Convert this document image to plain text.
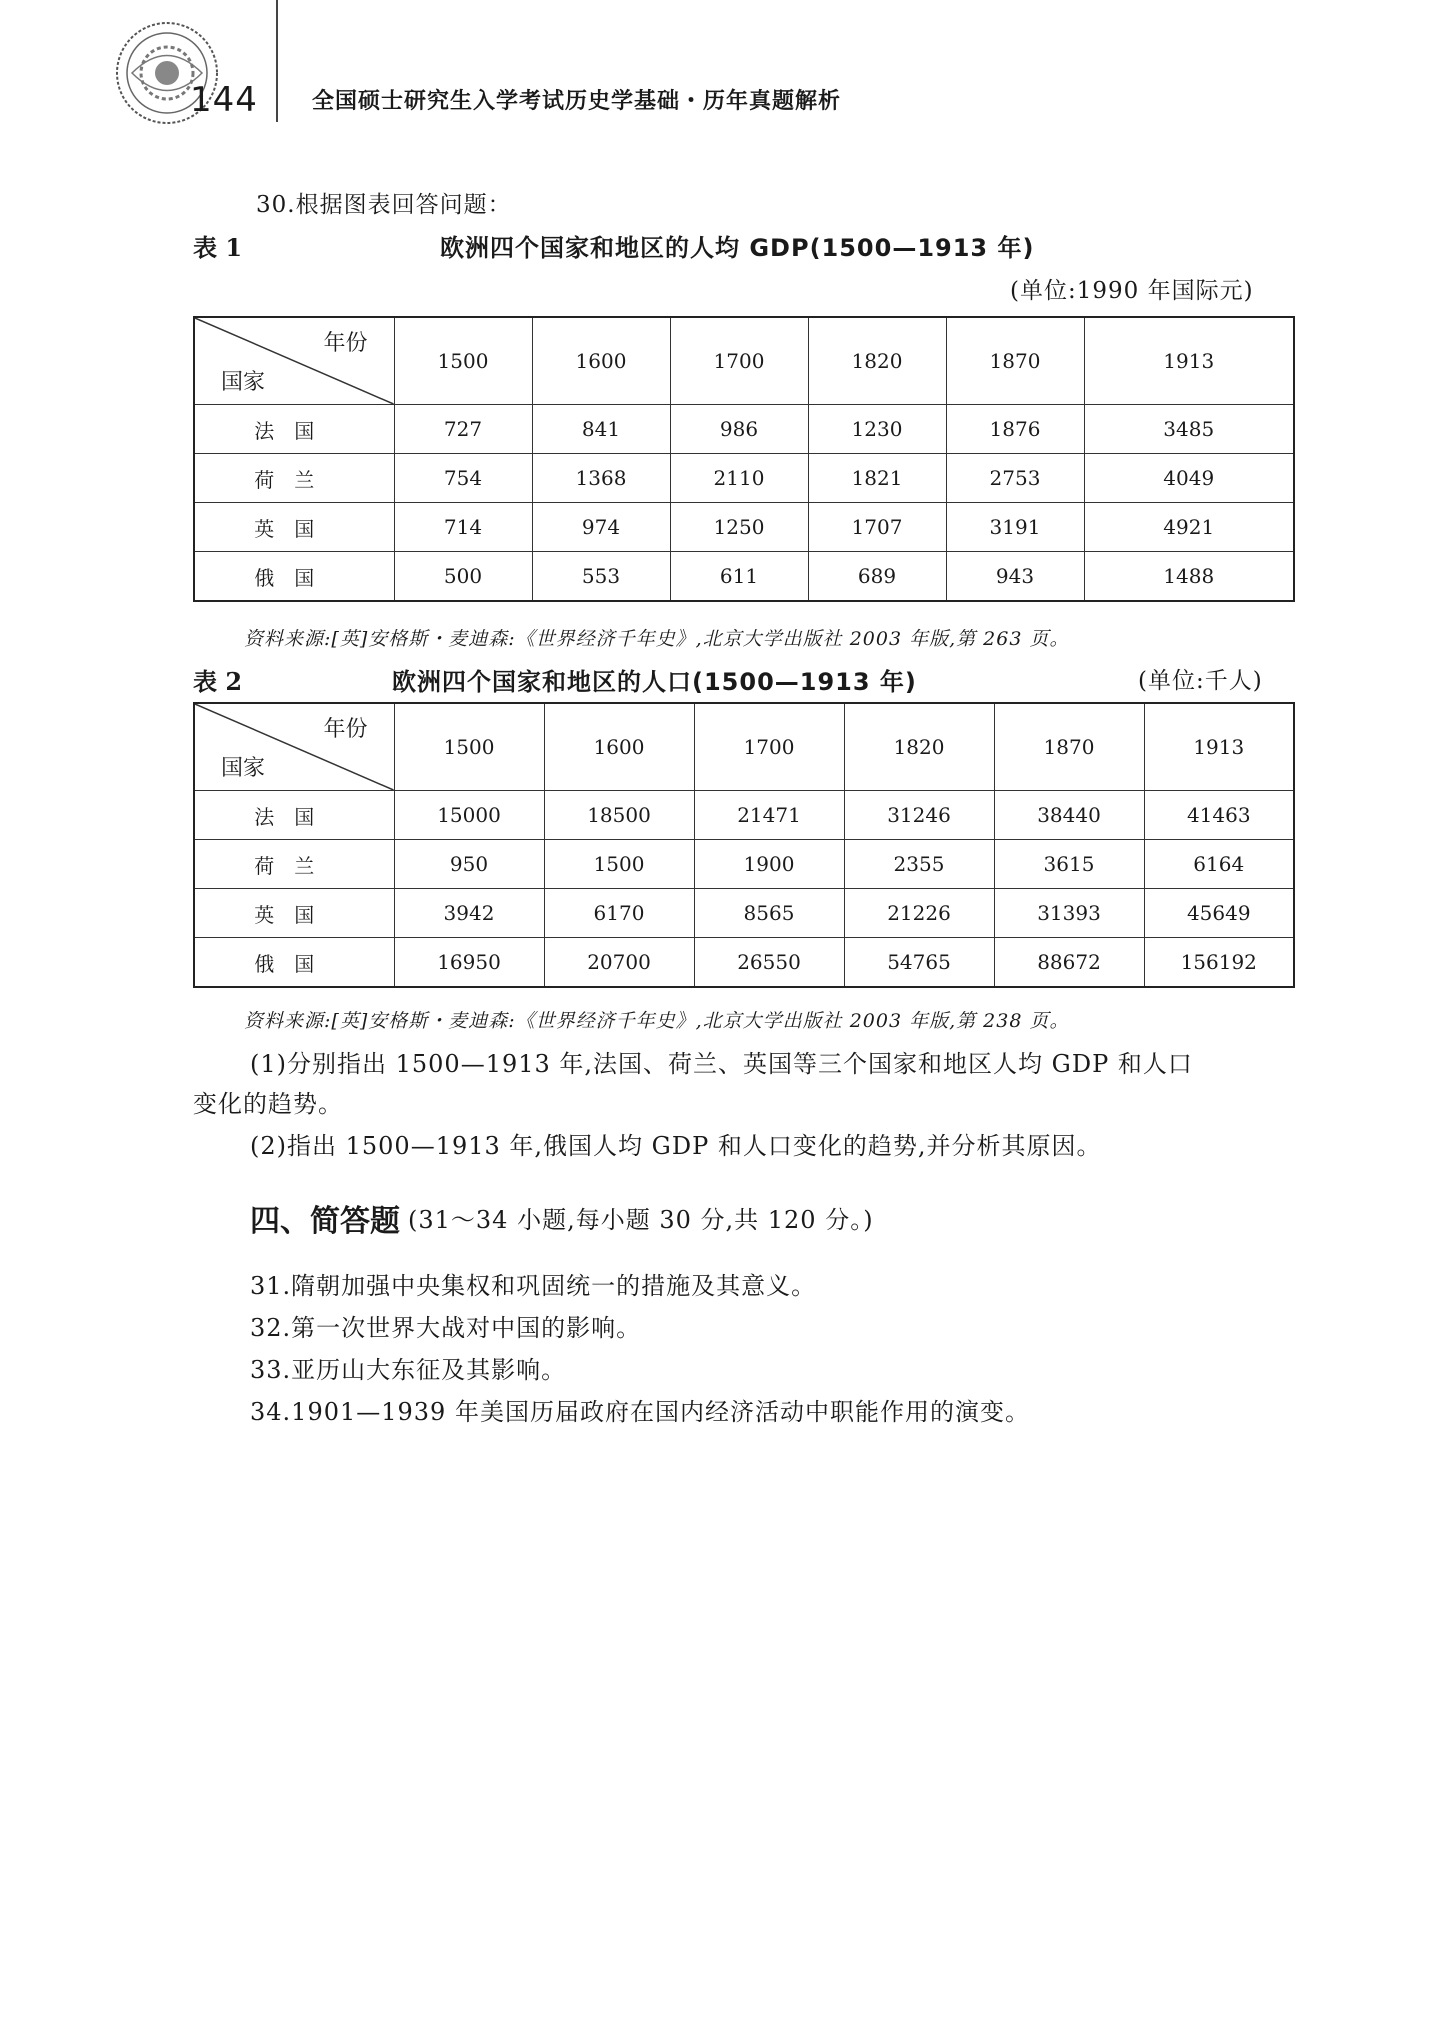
144 全国硕士研究生入学考试历史学基础・历年真题解析
30.根据图表回答问题：
表 1	欧洲四个国家和地区的人均 GDP(1500—1913 年)
(单位:1990 年国际元)
年份
国家	1500	1600	1700	1820	1870	1913
法国	727	841	986	1230	1876	3485
荷兰	754	1368	2110	1821	2753	4049
英国	714	974	1250	1707	3191	4921
俄国	500	553	611	689	943	1488
资料来源:[英]安格斯・麦迪森:《世界经济千年史》,北京大学出版社 2003 年版,第 263 页。
表 2	欧洲四个国家和地区的人口(1500—1913 年)	(单位:千人)
年份
国家	1500	1600	1700	1820	1870	1913
法国	15000	18500	21471	31246	38440	41463
荷兰	950	1500	1900	2355	3615	6164
英国	3942	6170	8565	21226	31393	45649
俄国	16950	20700	26550	54765	88672	156192
资料来源:[英]安格斯・麦迪森:《世界经济千年史》,北京大学出版社 2003 年版,第 238 页。
(1)分别指出 1500—1913 年,法国、荷兰、英国等三个国家和地区人均 GDP 和人口
变化的趋势。
(2)指出 1500—1913 年,俄国人均 GDP 和人口变化的趋势,并分析其原因。
四、简答题 (31～34 小题,每小题 30 分,共 120 分。)
31.隋朝加强中央集权和巩固统一的措施及其意义。
32.第一次世界大战对中国的影响。
33.亚历山大东征及其影响。
34.1901—1939 年美国历届政府在国内经济活动中职能作用的演变。
